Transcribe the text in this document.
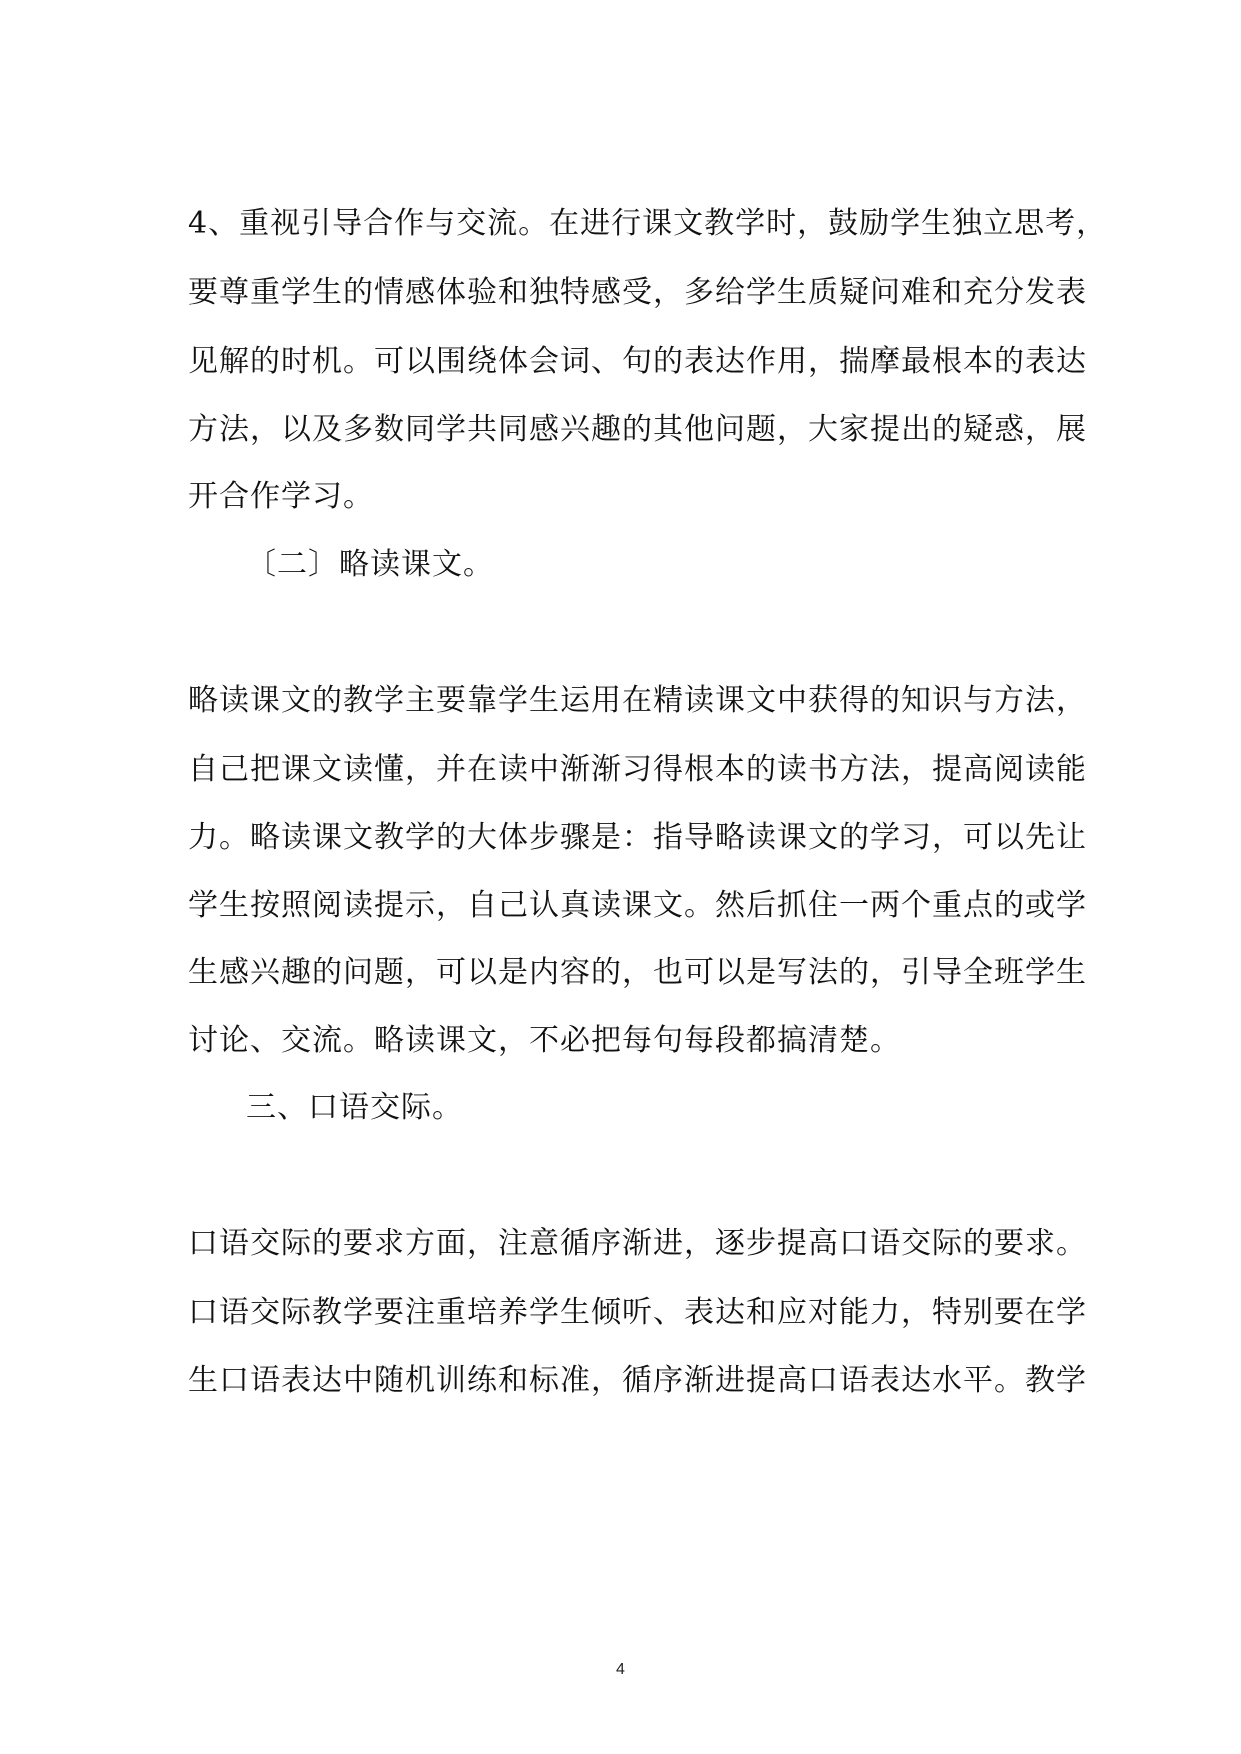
4、重视引导合作与交流。在进行课文教学时，鼓励学生独立思考，
要尊重学生的情感体验和独特感受，多给学生质疑问难和充分发表
见解的时机。可以围绕体会词、句的表达作用，揣摩最根本的表达
方法，以及多数同学共同感兴趣的其他问题，大家提出的疑惑，展
开合作学习。
〔二〕略读课文。
略读课文的教学主要靠学生运用在精读课文中获得的知识与方法，
自己把课文读懂，并在读中渐渐习得根本的读书方法，提高阅读能
力。略读课文教学的大体步骤是：指导略读课文的学习，可以先让
学生按照阅读提示，自己认真读课文。然后抓住一两个重点的或学
生感兴趣的问题，可以是内容的，也可以是写法的，引导全班学生
讨论、交流。略读课文，不必把每句每段都搞清楚。
三、口语交际。
口语交际的要求方面，注意循序渐进，逐步提高口语交际的要求。
口语交际教学要注重培养学生倾听、表达和应对能力，特别要在学
生口语表达中随机训练和标准，循序渐进提高口语表达水平。教学
4
